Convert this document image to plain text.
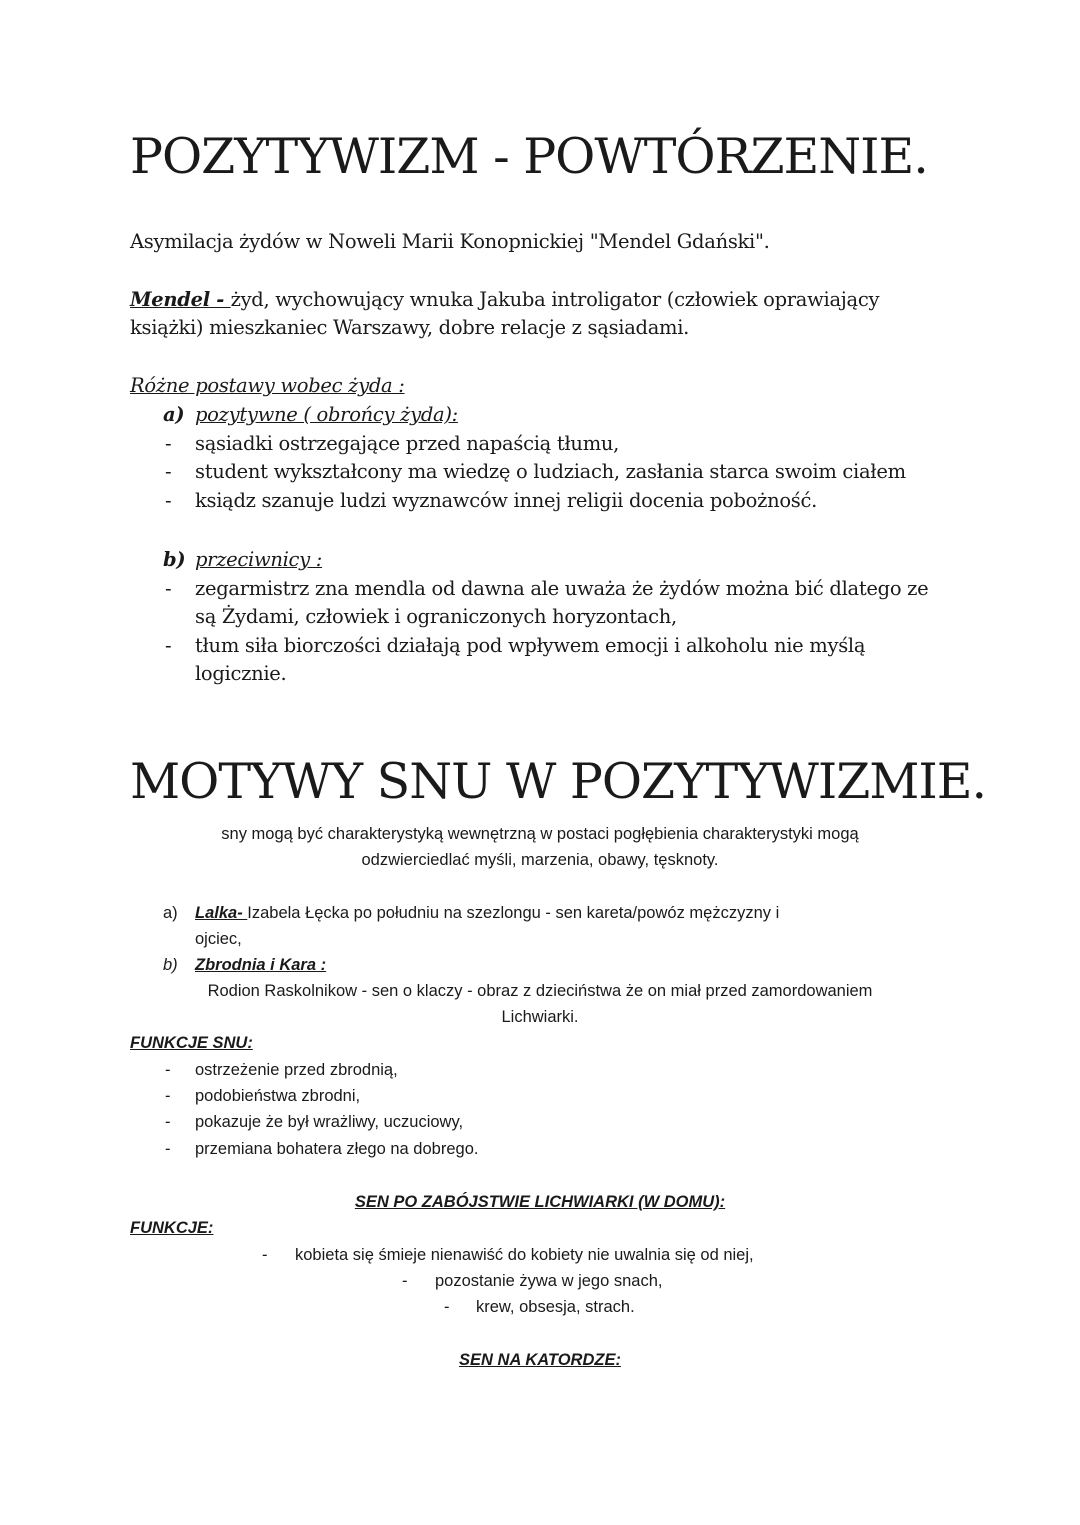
POZYTYWIZM - POWTÓRZENIE.
Asymilacja żydów w Noweli Marii Konopnickiej "Mendel Gdański".
Mendel - żyd, wychowujący wnuka Jakuba introligator (człowiek oprawiający
książki) mieszkaniec Warszawy, dobre relacje z sąsiadami.
Różne postawy wobec żyda :
a) pozytywne ( obrońcy żyda):
- sąsiadki ostrzegające przed napaścią tłumu,
- student wykształcony ma wiedzę o ludziach, zasłania starca swoim ciałem
- ksiądz szanuje ludzi wyznawców innej religii docenia pobożność.
b) przeciwnicy :
- zegarmistrz zna mendla od dawna ale uważa że żydów można bić dlatego ze
są Żydami, człowiek i ograniczonych horyzontach,
- tłum siła biorczości działają pod wpływem emocji i alkoholu nie myślą
logicznie.
MOTYWY SNU W POZYTYWIZMIE.
sny mogą być charakterystyką wewnętrzną w postaci pogłębienia charakterystyki mogą
odzwierciedlać myśli, marzenia, obawy, tęsknoty.
a) Lalka- Izabela Łęcka po południu na szezlongu - sen kareta/powóz mężczyzny i
ojciec,
b) Zbrodnia i Kara :
Rodion Raskolnikow - sen o klaczy - obraz z dzieciństwa że on miał przed zamordowaniem
Lichwiarki.
FUNKCJE SNU:
- ostrzeżenie przed zbrodnią,
- podobieństwa zbrodni,
- pokazuje że był wrażliwy, uczuciowy,
- przemiana bohatera złego na dobrego.
SEN PO ZABÓJSTWIE LICHWIARKI (W DOMU):
FUNKCJE:
- kobieta się śmieje nienawiść do kobiety nie uwalnia się od niej,
- pozostanie żywa w jego snach,
- krew, obsesja, strach.
SEN NA KATORDZE:
